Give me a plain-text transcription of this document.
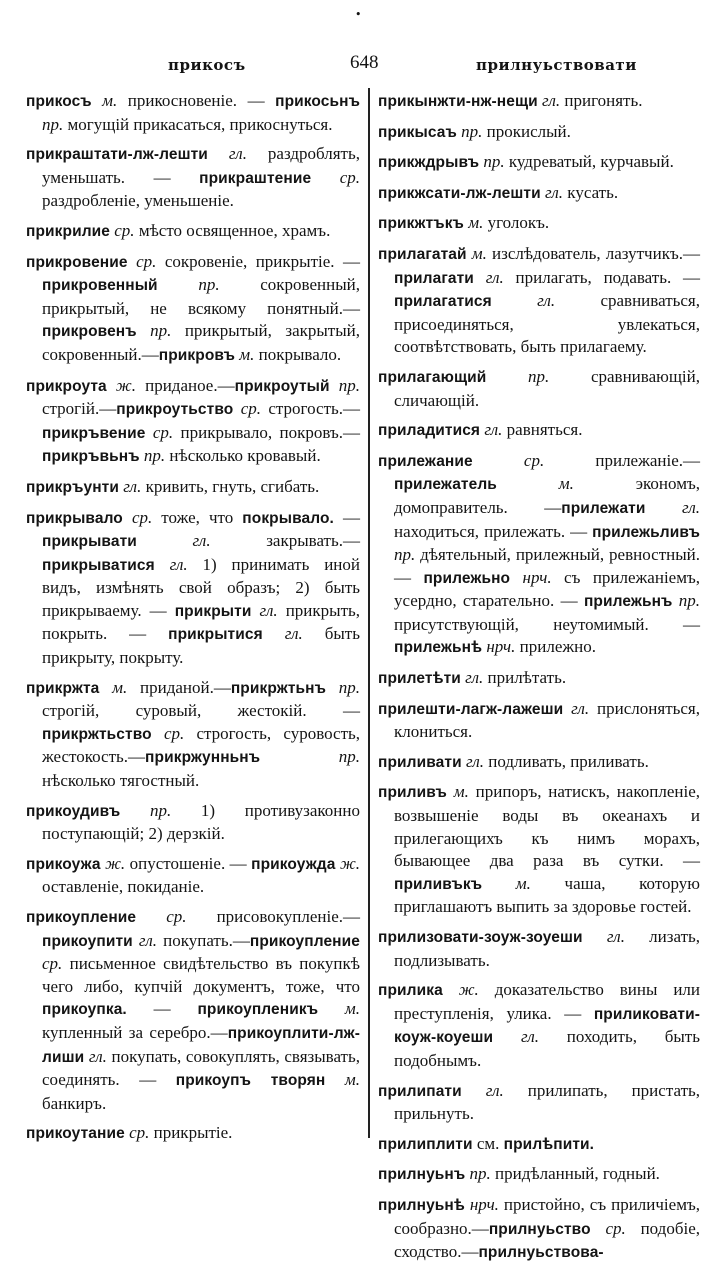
•
прикосъ	648	прилнуьствовати
прикосъ м. прикосновеніе. — прикосьнъ пр. могущій прикасаться, прикоснуться.
прикраштати-лж-лешти гл. раздроблять, уменьшать. — прикраштение ср. раздробленіе, уменьшеніе.
прикрилие ср. мѣсто освященное, храмъ.
прикровение ср. сокровеніе, прикрытіе. — прикровенный пр. сокровенный, прикрытый, не всякому понятный.—прикровенъ пр. прикрытый, закрытый, сокровенный.—прикровъ м. покрывало.
прикроута ж. приданое.—прикроутый пр. строгій.—прикроутьство ср. строгость.—прикръвение ср. прикрывало, покровъ.—прикръвьнъ пр. нѣсколько кровавый.
прикръунти гл. кривить, гнуть, сгибать.
прикрывало ср. тоже, что покрывало. —прикрывати	гл. закрывать.—прикрыватися гл. 1) принимать иной видъ, измѣнять свой образъ; 2) быть прикрываему. — прикрыти гл. прикрыть, покрыть. — прикрытися гл. быть прикрыту, покрыту.
прикржта м. приданой.—прикржтьнъ пр. строгій, суровый, жестокій. — прикржтьство ср. строгость, суровость, жестокость.—прикржунньнъ	пр. нѣсколько тягостный.
прикоудивъ пр. 1) противузаконно поступающій; 2) дерзкій.
прикоужа ж. опустошеніе. — прикоужда ж. оставленіе, покиданіе.
прикоупление ср. присовокупленіе.—прикоупити гл. покупать.—прикоупление ср. письменное свидѣтельство въ покупкѣ чего либо, купчій документъ, тоже, что прикоупка. — прикоупленикъ м. купленный за серебро.—прикоуплити-лж-лиши гл. покупать, совокуплять, связывать, соединять. — прикоупъ творян м. банкиръ.
прикоутание ср. прикрытіе.
прикынжти-нж-нещи гл. пригонять.
прикысаъ пр. прокислый.
прикждрывъ пр. кудреватый, курчавый.
прикжсати-лж-лешти гл. кусать.
прикжтъкъ м. уголокъ.
прилагатай м. изслѣдователь, лазутчикъ.—прилагати гл. прилагать, подавать. — прилагатися	гл. сравниваться, присоединяться, увлекаться, соотвѣтствовать, быть прилагаему.
прилагающий пр. сравнивающій, сличающій.
приладитися гл. равняться.
прилежание	ср. прилежаніе.—прилежатель	м. экономъ, домоправитель. —прилежати гл. находиться, прилежать. — прилежьливъ пр. дѣятельный, прилежный, ревностный. — прилежьно нрч. съ прилежаніемъ, усердно, старательно. — прилежьнъ пр. присутствующій, неутомимый. —прилежьнѣ нрч. прилежно.
прилетѣти гл. прилѣтать.
прилешти-лагж-лажеши гл. прислоняться, клониться.
приливати гл. подливать, приливать.
приливъ м. припоръ, натискъ, накопленіе, возвышеніе воды въ океанахъ и прилегающихъ къ нимъ морахъ, бывающее два раза въ сутки. — приливъкъ м. чаша, которую приглашаютъ выпить за здоровье гостей.
прилизовати-зоуж-зоуеши гл. лизать, подлизывать.
прилика ж. доказательство вины или преступленія, улика. — приликовати-коуж-коуеши гл. походить, быть подобнымъ.
прилипати гл. прилипать, пристать, прильнуть.
прилиплити см. прилѣпити.
прилнуьнъ пр. придѣланный, годный.
прилнуьнѣ нрч. пристойно, съ приличіемъ, сообразно.—прилнуьство ср. подобіе, сходство.—прилнуьствова-
